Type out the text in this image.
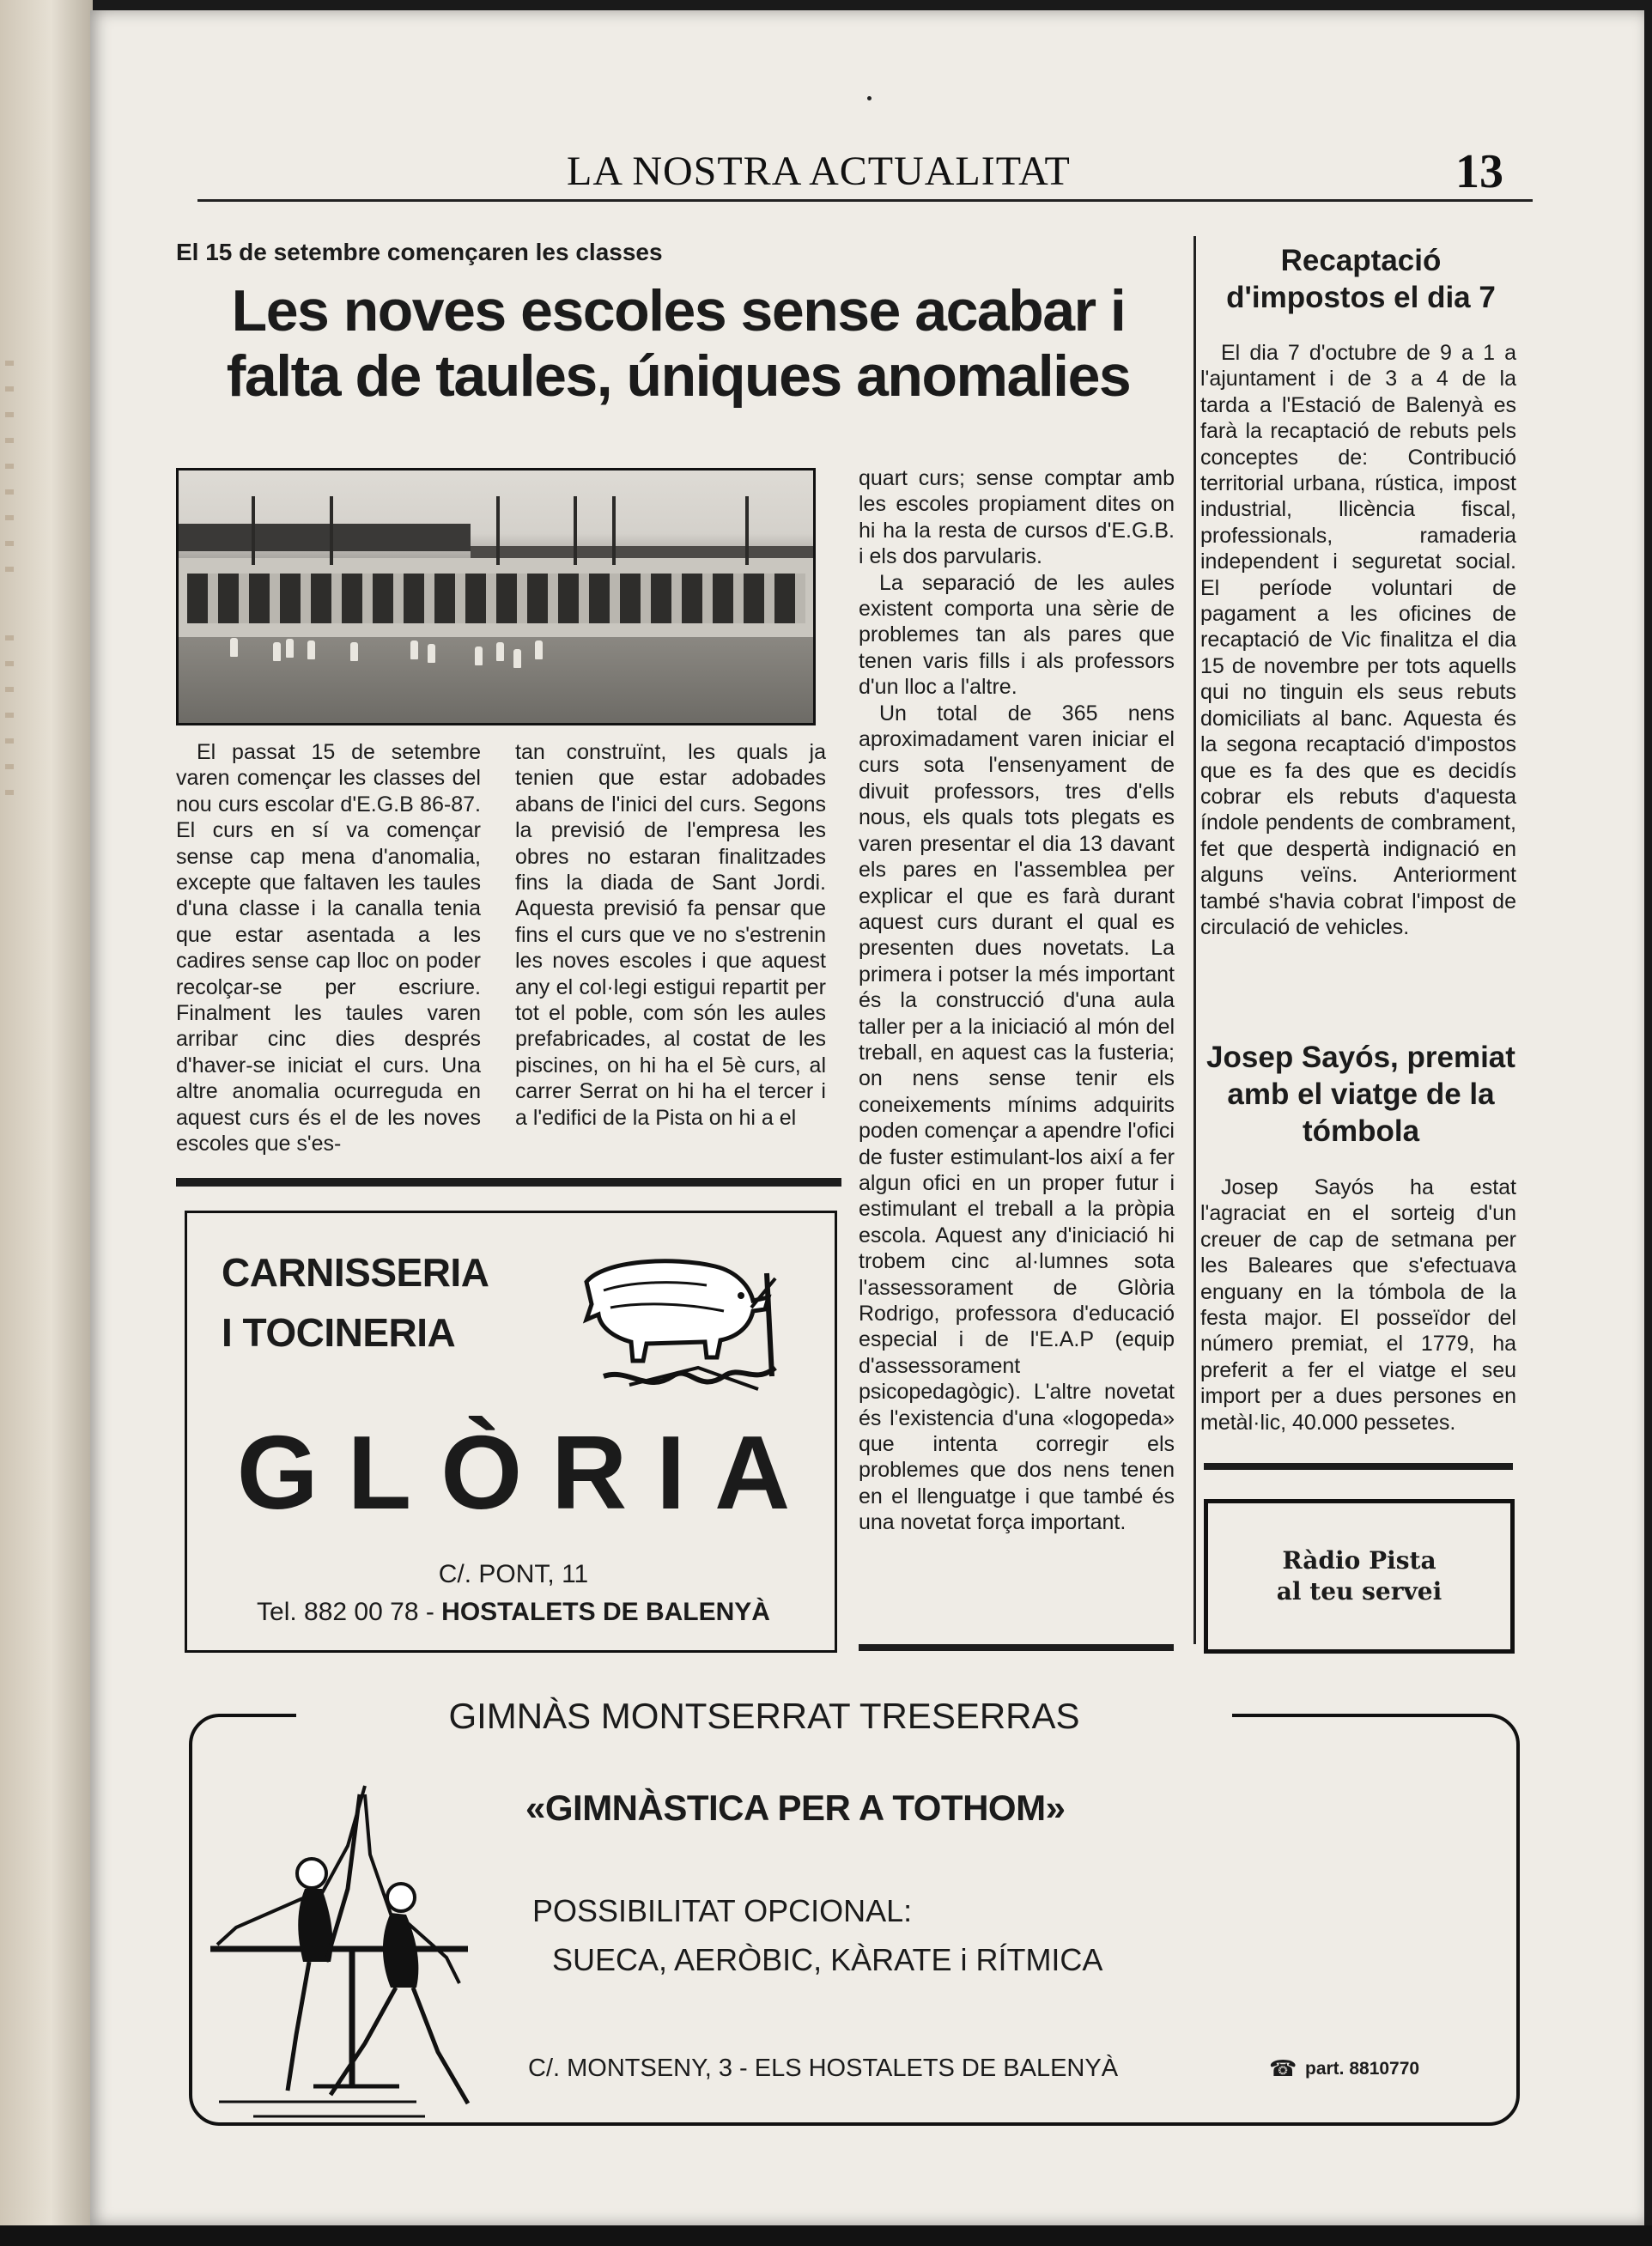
LA NOSTRA ACTUALITAT	13
El 15 de setembre començaren les classes
Les noves escoles sense acabar i falta de taules, úniques anomalies

El passat 15 de setembre varen començar les classes del nou curs escolar d'E.G.B 86-87. El curs en sí va començar sense cap mena d'anomalia, excepte que faltaven les taules d'una classe i la canalla tenia que estar asentada a les cadires sense cap lloc on poder recolçar-se per escriure. Finalment les taules varen arribar cinc dies després d'haver-se iniciat el curs. Una altre anomalia ocurreguda en aquest curs és el de les noves escoles que s'es-

tan construïnt, les quals ja tenien que estar adobades abans de l'inici del curs. Segons la previsió de l'empresa les obres no estaran finalitzades fins la diada de Sant Jordi. Aquesta previsió fa pensar que fins el curs que ve no s'estrenin les noves escoles i que aquest any el col·legi estigui repartit per tot el poble, com són les aules prefabricades, al costat de les piscines, on hi ha el 5è curs, al carrer Serrat on hi ha el tercer i a l'edifici de la Pista on hi a el

quart curs; sense comptar amb les escoles propiament dites on hi ha la resta de cursos d'E.G.B. i els dos parvularis.

La separació de les aules existent comporta una sèrie de problemes tan als pares que tenen varis fills i als professors d'un lloc a l'altre.

Un total de 365 nens aproximadament varen iniciar el curs sota l'ensenyament de divuit professors, tres d'ells nous, els quals tots plegats es varen presentar el dia 13 davant els pares en l'assemblea per explicar el que es farà durant aquest curs durant el qual es presenten dues novetats. La primera i potser la més important és la construcció d'una aula taller per a la iniciació al món del treball, en aquest cas la fusteria; on nens sense tenir els coneixements mínims adquirits poden començar a apendre l'ofici de fuster estimulant-los així a fer algun ofici en un proper futur i estimulant el treball a la pròpia escola. Aquest any d'iniciació hi trobem cinc al·lumnes sota l'assessorament de Glòria Rodrigo, professora d'educació especial i de l'E.A.P (equip d'assessorament psicopedagògic). L'altre novetat és l'existencia d'una «logopeda» que intenta corregir els problemes que dos nens tenen en el llenguatge i que també és una novetat força important.

Recaptació d'impostos el dia 7
El dia 7 d'octubre de 9 a 1 a l'ajuntament i de 3 a 4 de la tarda a l'Estació de Balenyà es farà la recaptació de rebuts pels conceptes de: Contribució territorial urbana, rústica, impost industrial, llicència fiscal, professionals, ramaderia independent i seguretat social. El període voluntari de pagament a les oficines de recaptació de Vic finalitza el dia 15 de novembre per tots aquells qui no tinguin els seus rebuts domiciliats al banc. Aquesta és la segona recaptació d'impostos que es fa des que es decidís cobrar els rebuts d'aquesta índole pendents de combrament, fet que despertà indignació en alguns veïns. Anteriorment també s'havia cobrat l'impost de circulació de vehicles.
Josep Sayós, premiat amb el viatge de la tómbola
Josep Sayós ha estat l'agraciat en el sorteig d'un creuer de cap de setmana per les Baleares que s'efectuava enguany en la tómbola de la festa major. El posseïdor del número premiat, el 1779, ha preferit a fer el viatge el seu import per a dues persones en metàl·lic, 40.000 pessetes.
Ràdio Pista
al teu servei
CARNISSERIA
I TOCINERIA
GLÒRIA
C/. PONT, 11
Tel. 882 00 78 - HOSTALETS DE BALENYÀ
GIMNÀS MONTSERRAT TRESERRAS
«GIMNÀSTICA PER A TOTHOM»
POSSIBILITAT OPCIONAL:
SUECA, AERÒBIC, KÀRATE i RÍTMICA
C/. MONTSENY, 3 - ELS HOSTALETS DE BALENYÀ	☎ part. 8810770
